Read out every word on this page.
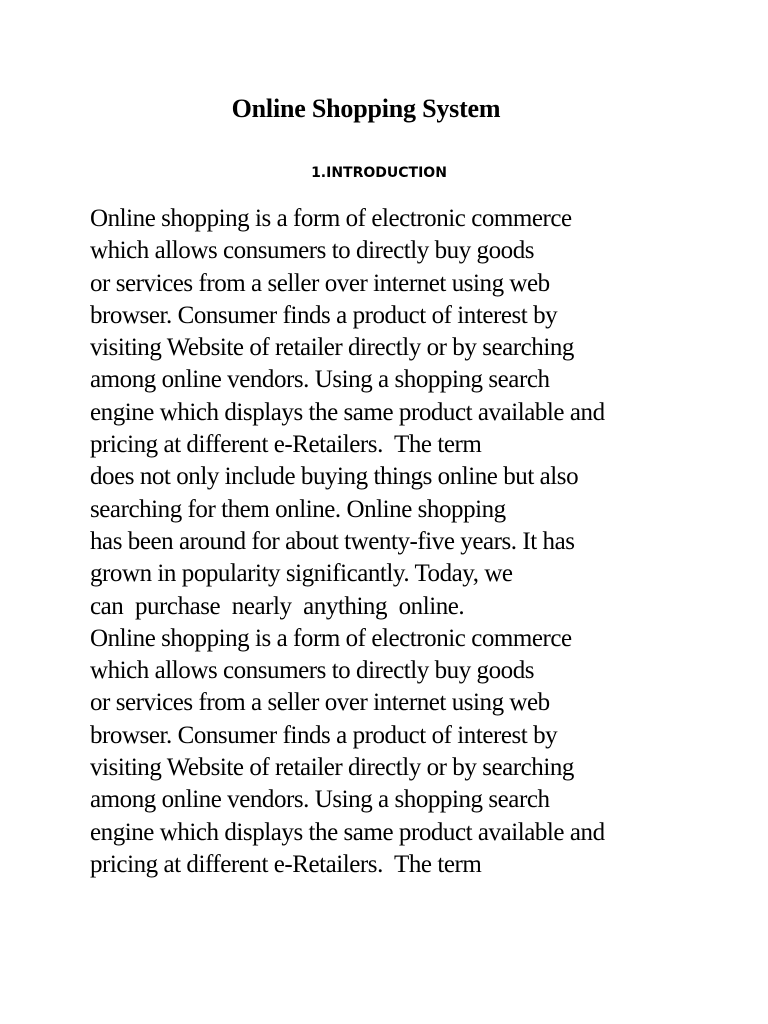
Online Shopping System
1.INTRODUCTION
Online shopping is a form of electronic commerce
which allows consumers to directly buy goods
or services from a seller over internet using web
browser. Consumer finds a product of interest by
visiting Website of retailer directly or by searching
among online vendors. Using a shopping search
engine which displays the same product available and
pricing at different e-Retailers.  The term
does not only include buying things online but also
searching for them online. Online shopping
has been around for about twenty-five years. It has
grown in popularity significantly. Today, we
can  purchase  nearly  anything  online.
Online shopping is a form of electronic commerce
which allows consumers to directly buy goods
or services from a seller over internet using web
browser. Consumer finds a product of interest by
visiting Website of retailer directly or by searching
among online vendors. Using a shopping search
engine which displays the same product available and
pricing at different e-Retailers.  The term
